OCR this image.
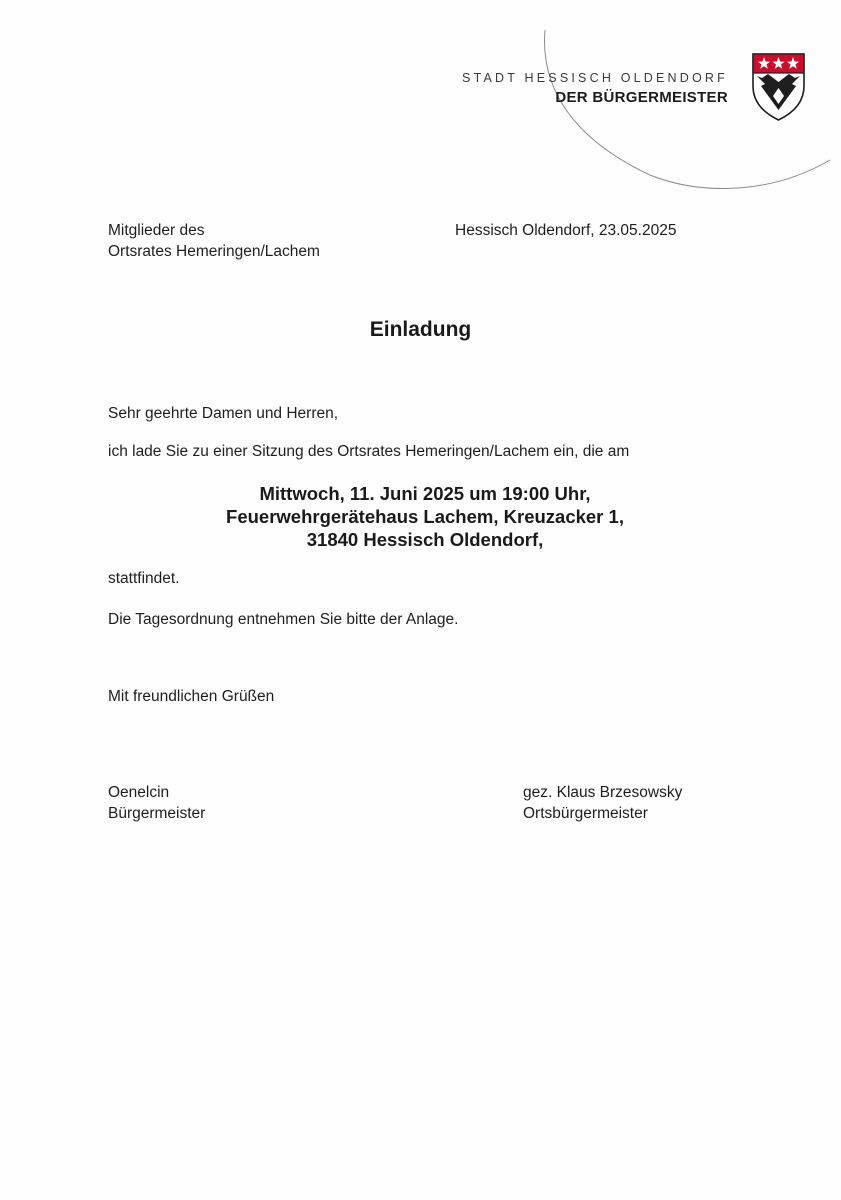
STADT HESSISCH OLDENDORF
DER BÜRGERMEISTER
Mitglieder des
Ortsrates Hemeringen/Lachem
Hessisch Oldendorf, 23.05.2025
Einladung
Sehr geehrte Damen und Herren,
ich lade Sie zu einer Sitzung des Ortsrates Hemeringen/Lachem ein, die am
Mittwoch, 11. Juni 2025 um 19:00 Uhr,
Feuerwehrgerätehaus Lachem, Kreuzacker 1,
31840 Hessisch Oldendorf,
stattfindet.
Die Tagesordnung entnehmen Sie bitte der Anlage.
Mit freundlichen Grüßen
Oenelcin
Bürgermeister
gez. Klaus Brzesowsky
Ortsbürgermeister
